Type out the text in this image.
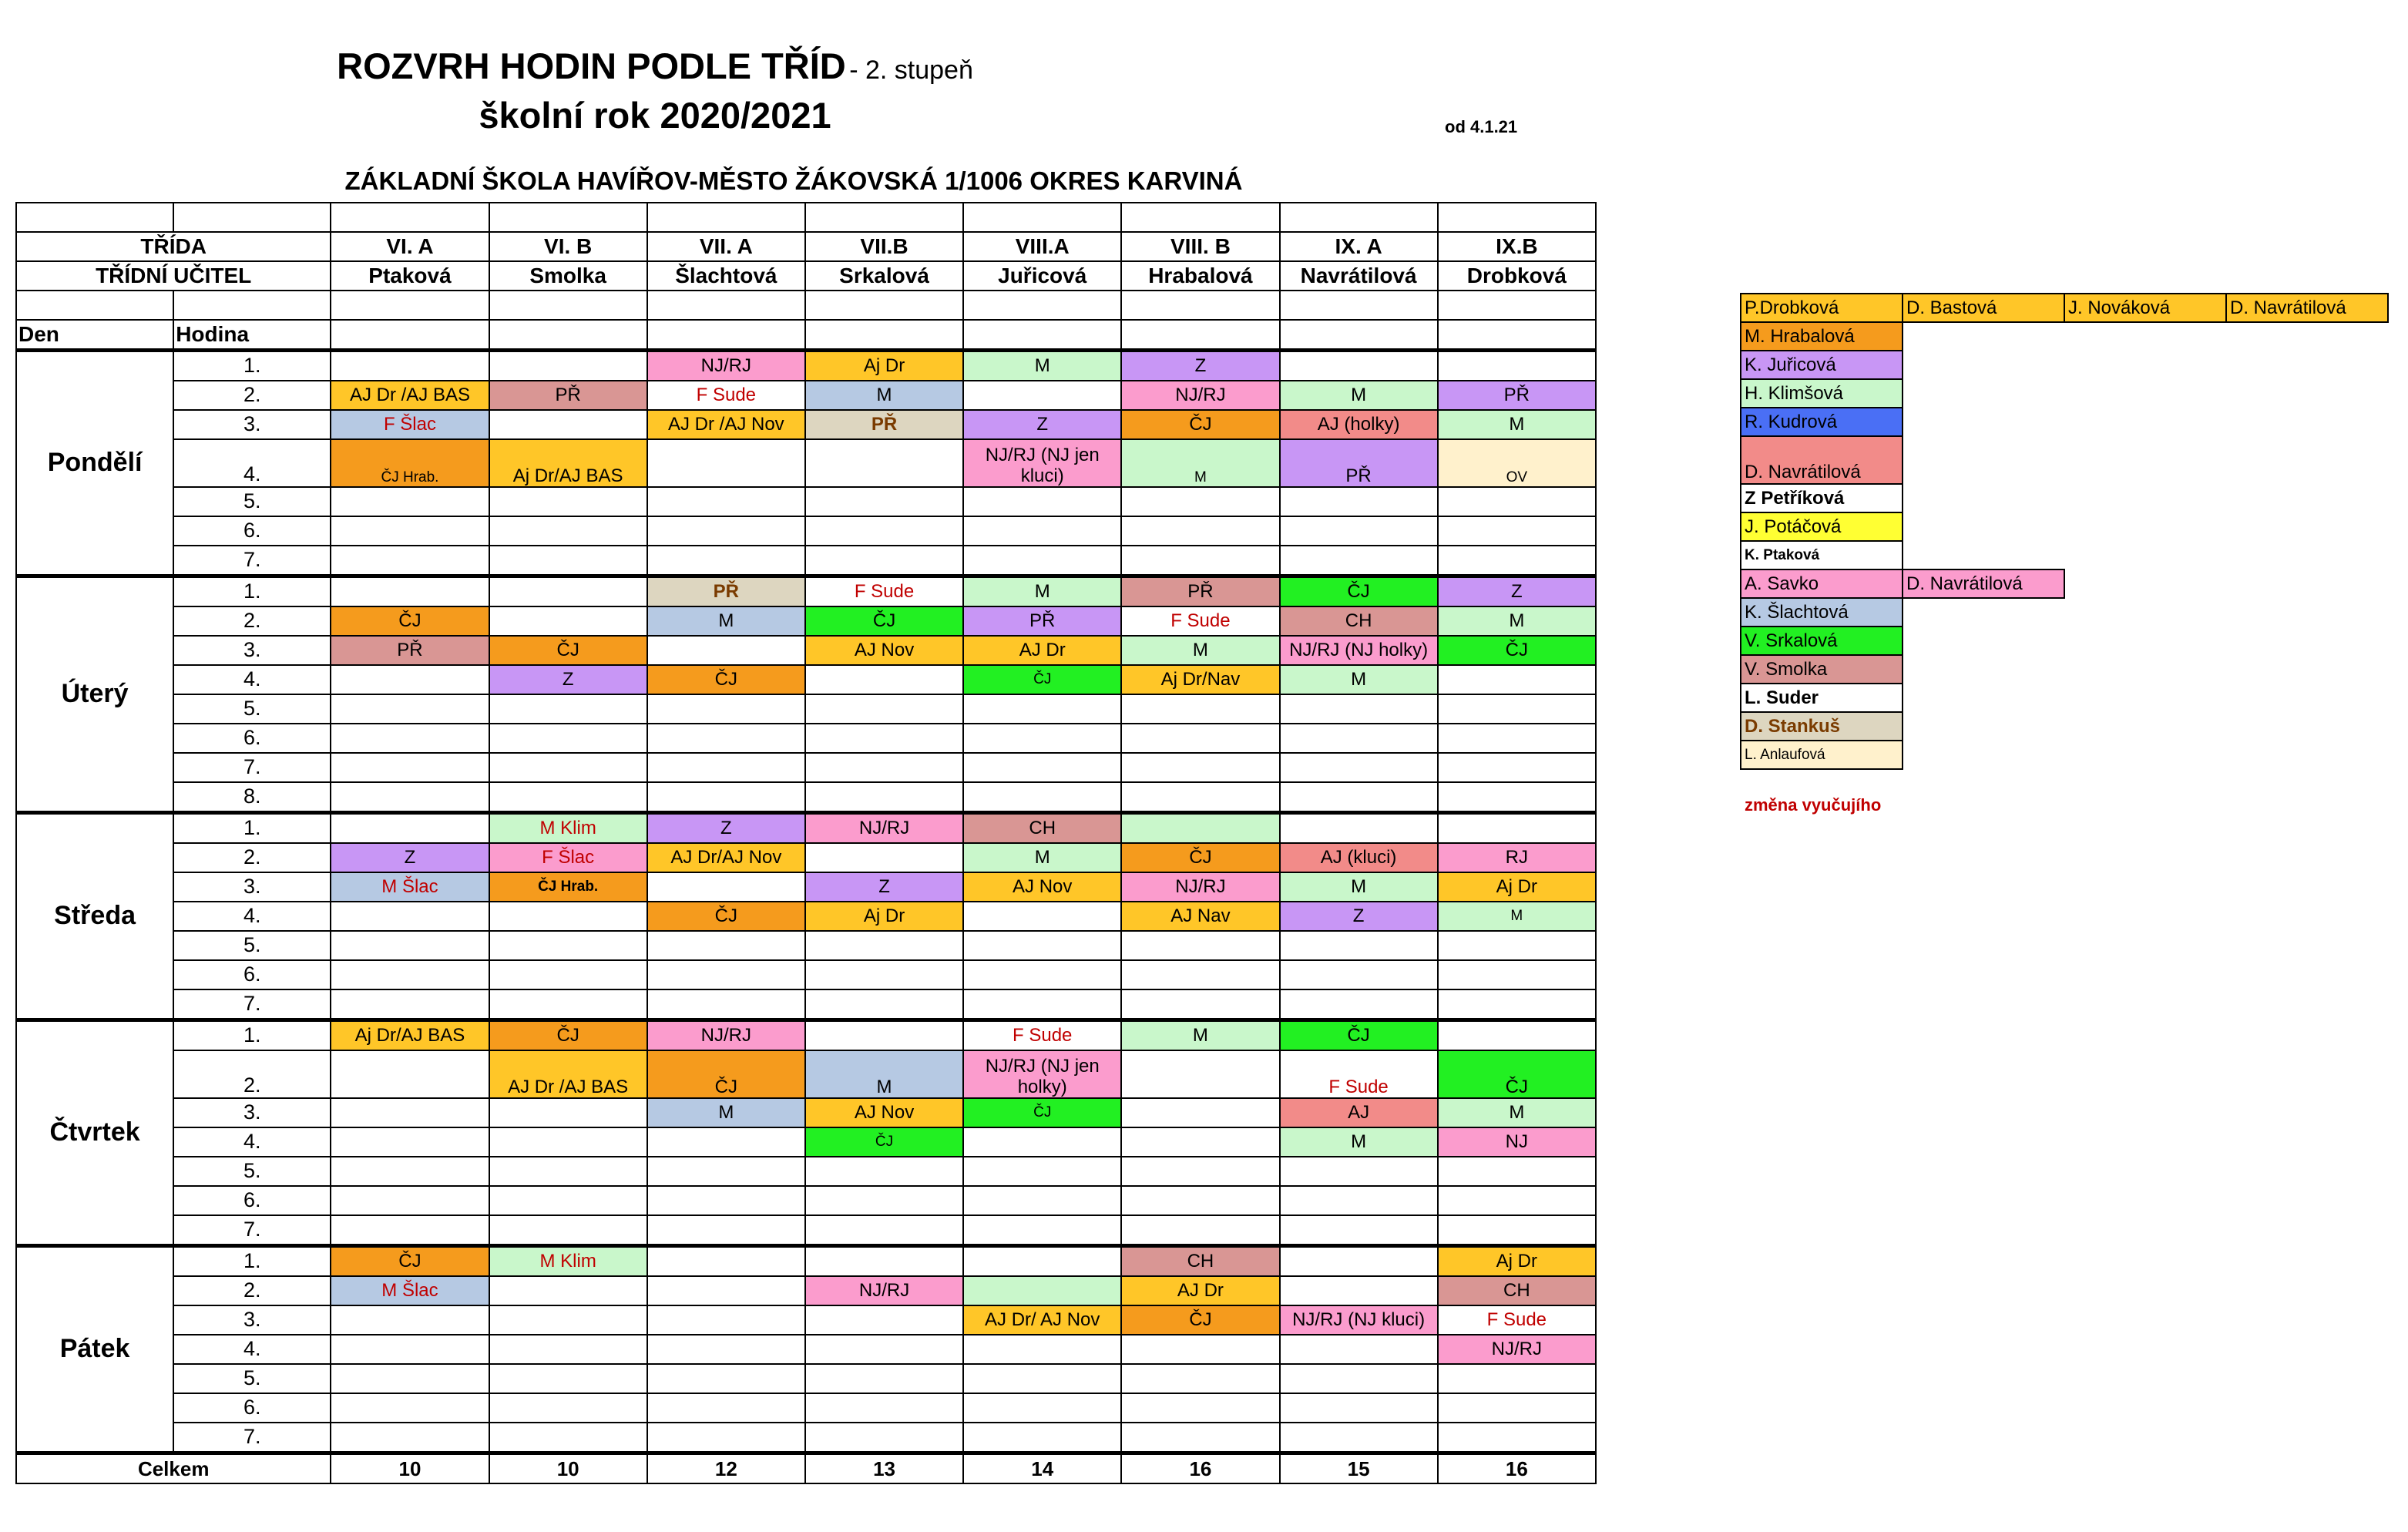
ROZVRH HODIN PODLE TŘÍD - 2. stupeň
školní rok 2020/2021	od 4.1.21
ZÁKLADNÍ ŠKOLA HAVÍŘOV-MĚSTO ŽÁKOVSKÁ 1/1006 OKRES KARVINÁ

TŘÍDA		VI. A	VI. B	VII. A	VII.B	VIII.A	VIII. B	IX. A	IX.B
TŘÍDNÍ UČITEL		Ptaková	Smolka	Šlachtová	Srkalová	Juřicová	Hrabalová	Navrátilová	Drobková

Den	Hodina								
Pondělí	1.			NJ/RJ	Aj Dr	M	Z		
	2.	AJ Dr /AJ BAS	PŘ	F Sude	M		NJ/RJ	M	PŘ
	3.	F Šlac		AJ Dr /AJ Nov	PŘ	Z	ČJ	AJ (holky)	M
	4.	ČJ Hrab.	Aj Dr/AJ BAS			NJ/RJ (NJ jen kluci)	M	PŘ	OV
	5.								
	6.								
	7.								
Úterý	1.			PŘ	F Sude	M	PŘ	ČJ	Z
	2.	ČJ		M	ČJ	PŘ	F Sude	CH	M
	3.	PŘ	ČJ		AJ Nov	AJ Dr	M	NJ/RJ (NJ holky)	ČJ
	4.		Z	ČJ		ČJ	Aj Dr/Nav	M	
	5.								
	6.								
	7.								
	8.								
Středa	1.		M Klim	Z	NJ/RJ	CH			
	2.	Z	F Šlac	AJ Dr/AJ Nov		M	ČJ	AJ (kluci)	RJ
	3.	M Šlac	ČJ Hrab.		Z	AJ Nov	NJ/RJ	M	Aj Dr
	4.			ČJ	Aj Dr		AJ Nav	Z	M
	5.								
	6.								
	7.								
Čtvrtek	1.	Aj Dr/AJ BAS	ČJ	NJ/RJ		F Sude	M	ČJ	
	2.		AJ Dr /AJ BAS	ČJ	M	NJ/RJ (NJ jen holky)		F Sude	ČJ
	3.			M	AJ Nov	ČJ		AJ	M
	4.				ČJ			M	NJ
	5.								
	6.								
	7.								
Pátek	1.	ČJ	M Klim				CH		Aj Dr
	2.	M Šlac			NJ/RJ		AJ Dr		CH
	3.					AJ Dr/ AJ Nov	ČJ	NJ/RJ (NJ kluci)	F Sude
	4.								NJ/RJ
	5.								
	6.								
	7.								
Celkem		10	10	12	13	14	16	15	16
P.Drobková	D. Bastová	J. Nováková	D. Navrátilová
M. Hrabalová			
K. Juřicová			
H. Klimšová			
R. Kudrová			
D. Navrátilová			
Z Petříková			
J. Potáčová			
K. Ptaková			
A. Savko	D. Navrátilová		
K. Šlachtová			
V. Srkalová			
V. Smolka			
L. Suder			
D. Stankuš			
L. Anlaufová			
změna vyučujího
